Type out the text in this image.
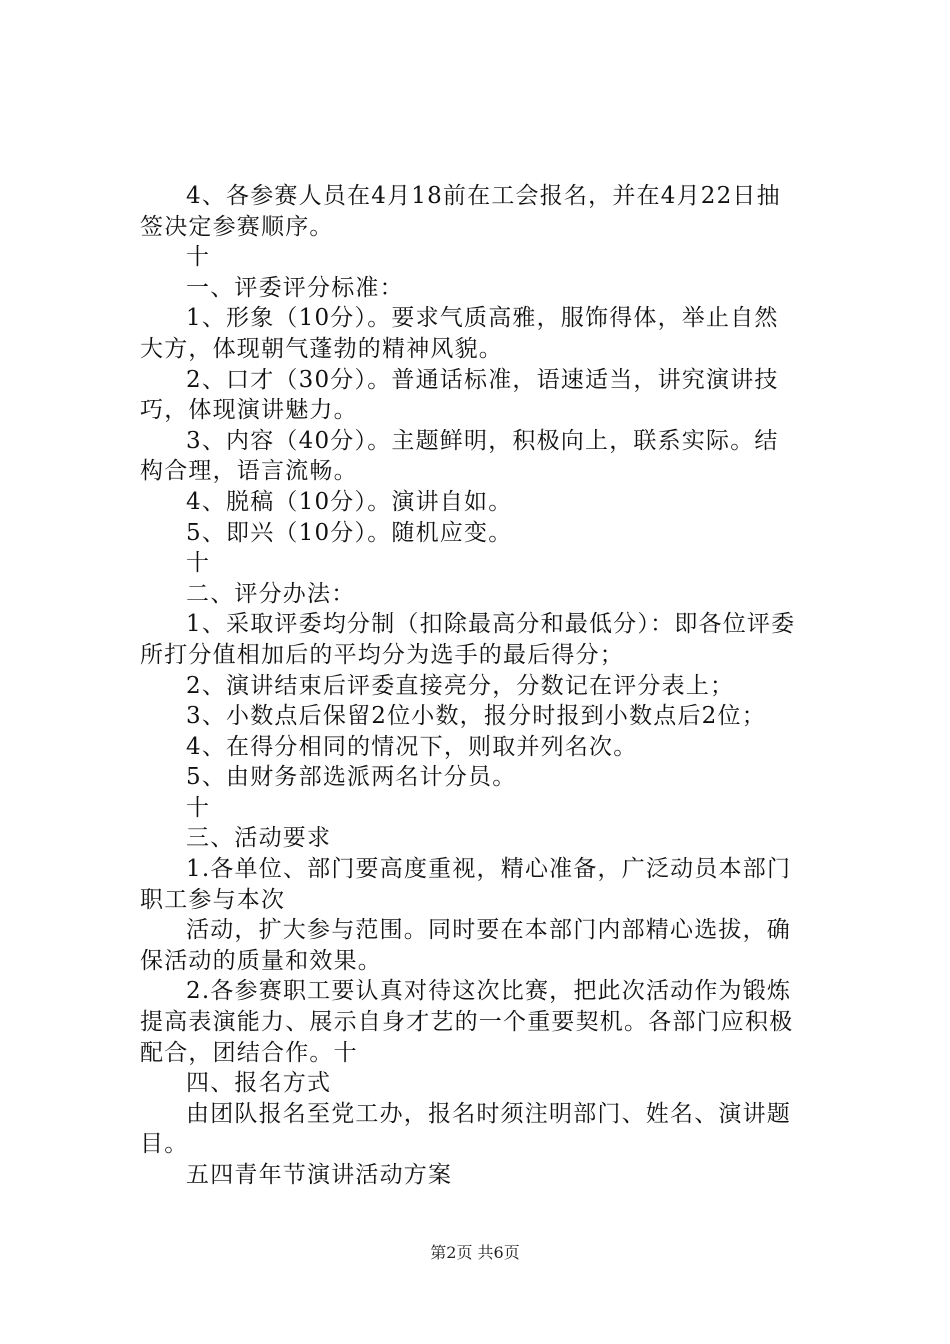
4、各参赛人员在4月18前在工会报名，并在4月22日抽
签决定参赛顺序。
十
一、评委评分标准：
1、形象（10分）。要求气质高雅，服饰得体，举止自然
大方，体现朝气蓬勃的精神风貌。
2、口才（30分）。普通话标准，语速适当，讲究演讲技
巧，体现演讲魅力。
3、内容（40分）。主题鲜明，积极向上，联系实际。结
构合理，语言流畅。
4、脱稿（10分）。演讲自如。
5、即兴（10分）。随机应变。
十
二、评分办法：
1、采取评委均分制（扣除最高分和最低分）：即各位评委
所打分值相加后的平均分为选手的最后得分；
2、演讲结束后评委直接亮分，分数记在评分表上；
3、小数点后保留2位小数，报分时报到小数点后2位；
4、在得分相同的情况下，则取并列名次。
5、由财务部选派两名计分员。
十
三、活动要求
1.各单位、部门要高度重视，精心准备，广泛动员本部门
职工参与本次
活动，扩大参与范围。同时要在本部门内部精心选拔，确
保活动的质量和效果。
2.各参赛职工要认真对待这次比赛，把此次活动作为锻炼
提高表演能力、展示自身才艺的一个重要契机。各部门应积极
配合，团结合作。十
四、报名方式
由团队报名至党工办，报名时须注明部门、姓名、演讲题
目。
五四青年节演讲活动方案
第2页 共6页
